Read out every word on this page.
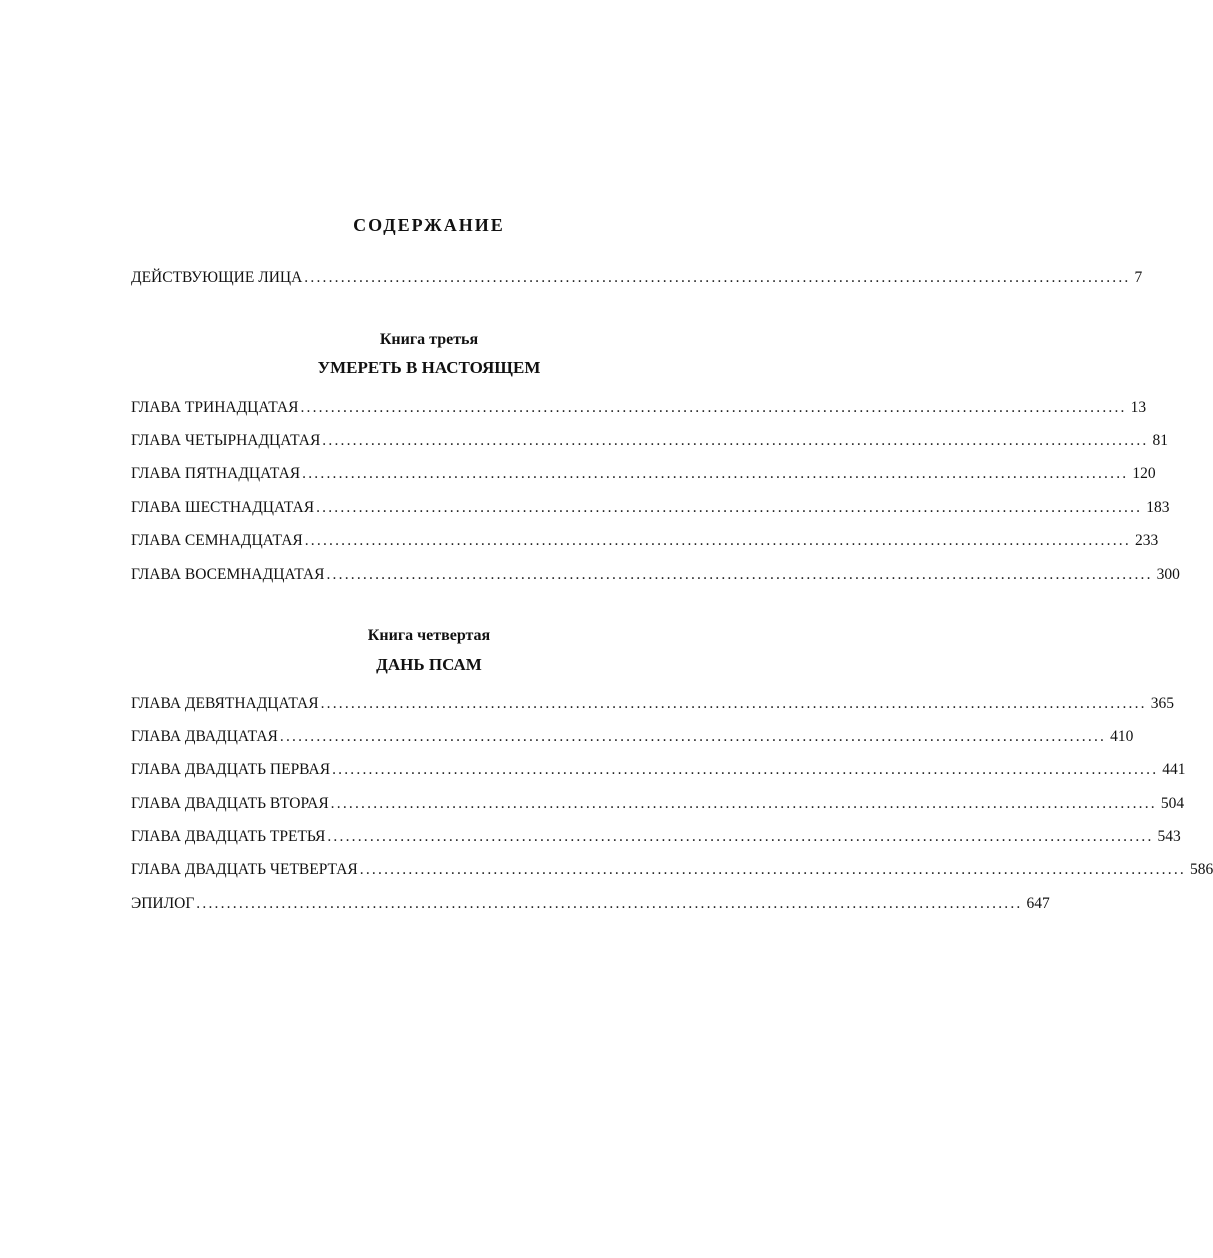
СОДЕРЖАНИЕ
ДЕЙСТВУЮЩИЕ ЛИЦА ........................................................................................................................................ 7
Книга третья
УМЕРЕТЬ В НАСТОЯЩЕМ
ГЛАВА ТРИНАДЦАТАЯ ........................................................................................................................................ 13
ГЛАВА ЧЕТЫРНАДЦАТАЯ ........................................................................................................................................ 81
ГЛАВА ПЯТНАДЦАТАЯ ........................................................................................................................................ 120
ГЛАВА ШЕСТНАДЦАТАЯ ........................................................................................................................................ 183
ГЛАВА СЕМНАДЦАТАЯ ........................................................................................................................................ 233
ГЛАВА ВОСЕМНАДЦАТАЯ ........................................................................................................................................ 300
Книга четвертая
ДАНЬ ПСАМ
ГЛАВА ДЕВЯТНАДЦАТАЯ ........................................................................................................................................ 365
ГЛАВА ДВАДЦАТАЯ ........................................................................................................................................ 410
ГЛАВА ДВАДЦАТЬ ПЕРВАЯ ........................................................................................................................................ 441
ГЛАВА ДВАДЦАТЬ ВТОРАЯ ........................................................................................................................................ 504
ГЛАВА ДВАДЦАТЬ ТРЕТЬЯ ........................................................................................................................................ 543
ГЛАВА ДВАДЦАТЬ ЧЕТВЕРТАЯ ........................................................................................................................................ 586
ЭПИЛОГ ........................................................................................................................................ 647
